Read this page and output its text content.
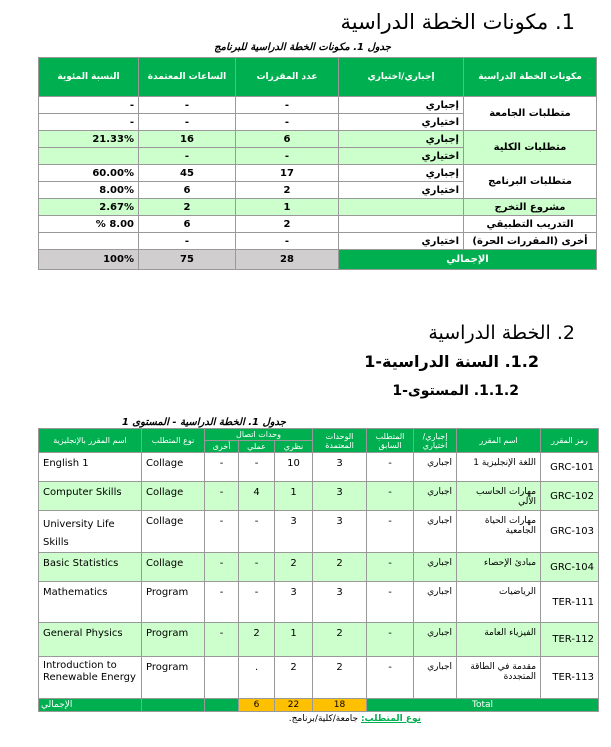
1. مكونات الخطة الدراسية
جدول 1. مكونات الخطة الدراسية للبرنامج
مكونات الخطة الدراسية	إجباري/اختياري	عدد المقررات	الساعات المعتمدة	النسبة المئوية
متطلبات الجامعة	إجباري	-	-	-
	اختياري	-	-	-
متطلبات الكلية	إجباري	6	16	21.33%
	اختياري	-	-	
متطلبات البرنامج	إجباري	17	45	60.00%
	اختياري	2	6	8.00%
مشروع التخرج		1	2	2.67%
التدريب التطبيقي		2	6	8.00 %
أخرى (المقررات الحرة)	اختياري	-	-	
الإجمالي		28	75	100%
2. الخطة الدراسية
1.2. السنة الدراسية-1
1.1.2. المستوى-1
جدول 1. الخطة الدراسية - المستوى 1
رمز المقرر	اسم المقرر	إجباري/ اختياري	المتطلب السابق	الوحدات المعتمدة	وحدات اتصال			نوع المتطلب	اسم المقرر بالإنجليزية
					نظري	عملي	أخرى		
GRC-101	اللغة الإنجليزية 1	اجباري	-	3	10	-	-	Collage	English 1
GRC-102	مهارات الحاسب الآلي	اجباري	-	3	1	4	-	Collage	Computer Skills
GRC-103	مهارات الحياة الجامعية	اجباري	-	3	3	-	-	Collage	University Life Skills
GRC-104	مبادئ الإحصاء	اجباري	-	2	2	-	-	Collage	Basic Statistics
TER-111	الرياضيات	اجباري	-	3	3	-	-	Program	Mathematics
TER-112	الفيزياء العامة	اجباري	-	2	1	2	-	Program	General Physics
TER-113	مقدمة في الطاقة المتجددة	اجباري	-	2	2	.		Program	Introduction to Renewable Energy
Total				18	22	6			الإجمالي
نوع المتطلب: جامعة/كلية/برنامج.
